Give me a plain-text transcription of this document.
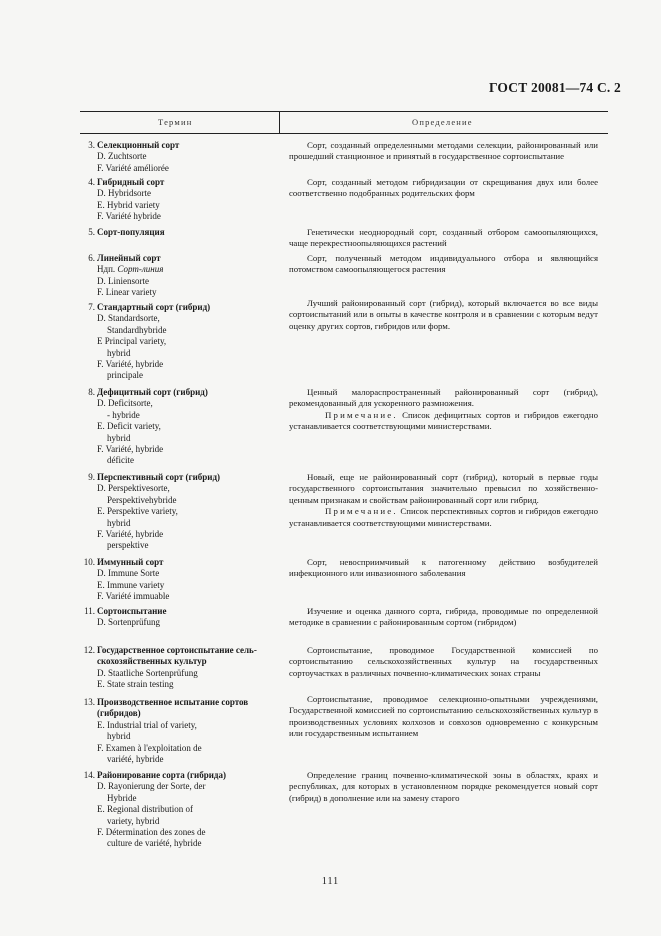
ГОСТ 20081—74 С. 2
Термин	Определение
3. Селекционный сорт
D. Zuchtsorte
F. Variété améliorée

Сорт, созданный определенными методами селекции, районированный или прошедший станционное и принятый в государственное сортоиспытание

4. Гибридный сорт
D. Hybridsorte
E. Hybrid variety
F. Variété hybride

Сорт, созданный методом гибридизации от скрещивания двух или более соответственно подобранных родительских форм

5. Сорт-популяция	Генетически неоднородный сорт, созданный отбором самоопыляющихся, чаще перекрестноопыляющихся растений

6. Линейный сорт
Ндп. Сорт-линия
D. Liniensorte
F. Linear variety

Сорт, полученный методом индивидуального отбора и являющийся потомством самоопыляющегося растения

7. Стандартный сорт (гибрид)
D. Standardsorte,
Standardhybride
E Principal variety,
hybrid
F. Variété, hybride
principale

Лучший районированный сорт (гибрид), который включается во все виды сортоиспытаний или в опыты в качестве контроля и в сравнении с которым ведут оценку других сортов, гибридов или форм.

8. Дефицитный сорт (гибрид)
D. Deficitsorte,
- hybride
E. Deficit variety,
hybrid
F. Variété, hybride
déficite

Ценный малораспространенный районированный сорт (гибрид), рекомендованный для ускоренного размножения.

Примечание. Список дефицитных сортов и гибридов ежегодно устанавливается соответствующими министерствами.

9. Перспективный сорт (гибрид)
D. Perspektivesorte,
Perspektivehybride
E. Perspektive variety,
hybrid
F. Variété, hybride
perspektive

Новый, еще не районированный сорт (гибрид), который в первые годы государственного сортоиспытания значительно превысил по хозяйственно-ценным признакам и свойствам районированный сорт или гибрид.

Примечание. Список перспективных сортов и гибридов ежегодно устанавливается соответствующими министерствами.

10. Иммунный сорт
D. Immune Sorte
E. Immune variety
F. Variété immuable

Сорт, невосприимчивый к патогенному действию возбудителей инфекционного или инвазионного заболевания

11. Сортоиспытание
D. Sortenprüfung

Изучение и оценка данного сорта, гибрида, проводимые по определенной методике в сравнении с районированным сортом (гибридом)

12. Государственное сортоиспытание сель-
скохозяйственных культур
D. Staatliche Sortenprüfung
E. State strain testing

Сортоиспытание, проводимое Государственной комиссией по сортоиспытанию сельскохозяйственных культур на государственных сортоучастках в различных почвенно-климатических зонах страны

13. Производственное испытание сортов
(гибридов)
E. Industrial trial of variety,
hybrid
F. Examen à l'exploitation de
variété, hybride

Сортоиспытание, проводимое селекционно-опытными учреждениями, Государственной комиссией по сортоиспытанию сельскохозяйственных культур в производственных условиях колхозов и совхозов одновременно с конкурсным или государственным испытанием

14. Районирование сорта (гибрида)
D. Rayonierung der Sorte, der
Hybride
E. Regional distribution of
variety, hybrid
F. Détermination des zones de
culture de variété, hybride

Определение границ почвенно-климатической зоны в областях, краях и республиках, для которых в установленном порядке рекомендуется новый сорт (гибрид) в дополнение или на замену старого

111
